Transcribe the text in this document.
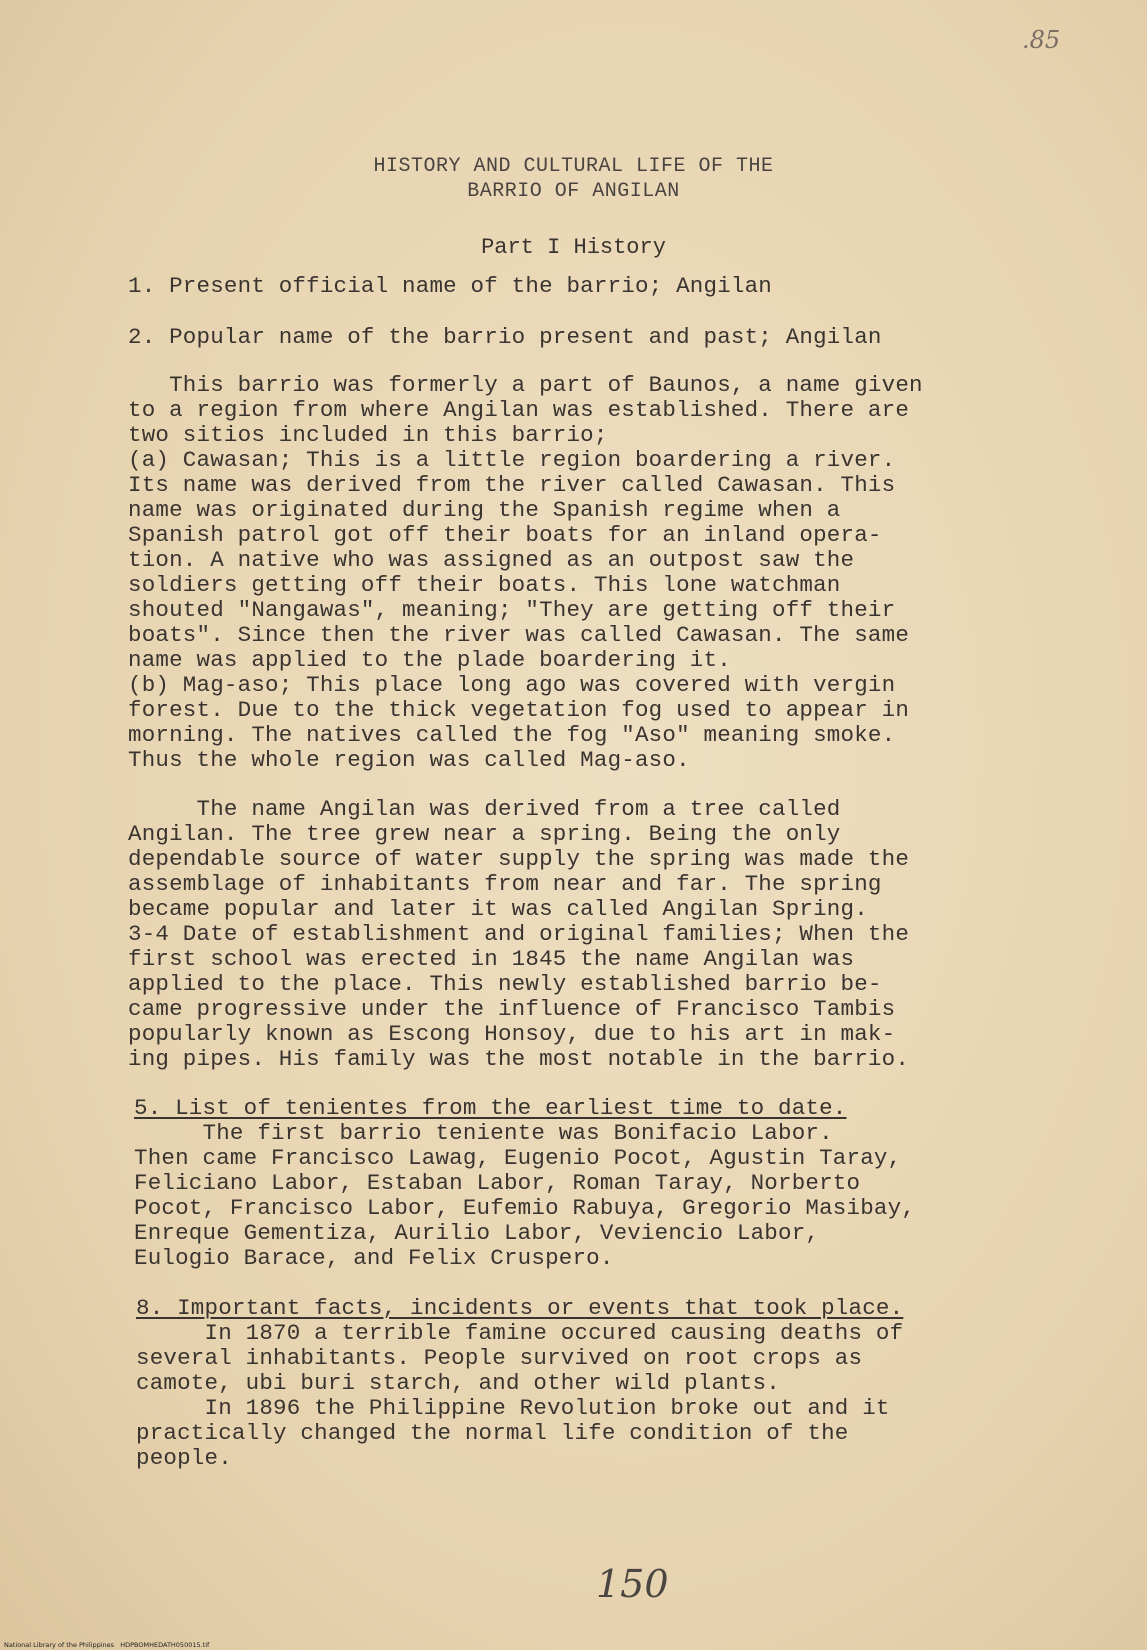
.85
HISTORY AND CULTURAL LIFE OF THE
BARRIO OF ANGILAN
Part I History
1. Present official name of the barrio; Angilan
2. Popular name of the barrio present and past; Angilan
This barrio was formerly a part of Baunos, a name given
to a region from where Angilan was established. There are
two sitios included in this barrio;
(a) Cawasan; This is a little region boardering a river.
Its name was derived from the river called Cawasan. This
name was originated during the Spanish regime when a
Spanish patrol got off their boats for an inland opera-
tion. A native who was assigned as an outpost saw the
soldiers getting off their boats. This lone watchman
shouted "Nangawas", meaning; "They are getting off their
boats". Since then the river was called Cawasan. The same
name was applied to the plade boardering it.
(b) Mag-aso; This place long ago was covered with vergin
forest. Due to the thick vegetation fog used to appear in
morning. The natives called the fog "Aso" meaning smoke.
Thus the whole region was called Mag-aso.
The name Angilan was derived from a tree called
Angilan. The tree grew near a spring. Being the only
dependable source of water supply the spring was made the
assemblage of inhabitants from near and far. The spring
became popular and later it was called Angilan Spring.
3-4 Date of establishment and original families; When the
first school was erected in 1845 the name Angilan was
applied to the place. This newly established barrio be-
came progressive under the influence of Francisco Tambis
popularly known as Escong Honsoy, due to his art in mak-
ing pipes. His family was the most notable in the barrio.
5. List of tenientes from the earliest time to date.
The first barrio teniente was Bonifacio Labor.
Then came Francisco Lawag, Eugenio Pocot, Agustin Taray,
Feliciano Labor, Estaban Labor, Roman Taray, Norberto
Pocot, Francisco Labor, Eufemio Rabuya, Gregorio Masibay,
Enreque Gementiza, Aurilio Labor, Veviencio Labor,
Eulogio Barace, and Felix Cruspero.
8. Important facts, incidents or events that took place.
In 1870 a terrible famine occured causing deaths of
several inhabitants. People survived on root crops as
camote, ubi buri starch, and other wild plants.
In 1896 the Philippine Revolution broke out and it
practically changed the normal life condition of the
people.
150
National Library of the Philippines   HDPBOMHEDATH050015.tif
